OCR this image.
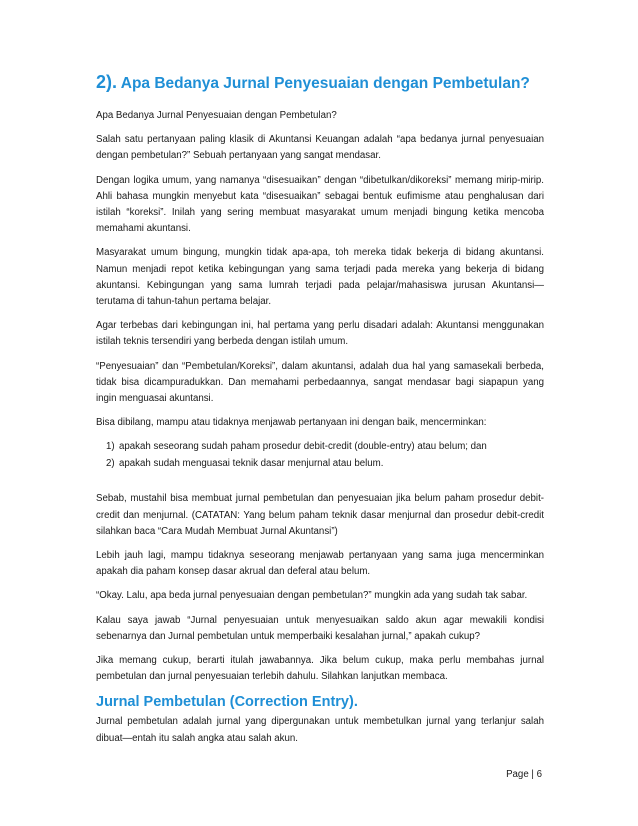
2). Apa Bedanya Jurnal Penyesuaian dengan Pembetulan?

Apa Bedanya Jurnal Penyesuaian dengan Pembetulan?

Salah satu pertanyaan paling klasik di Akuntansi Keuangan adalah “apa bedanya jurnal penyesuaian dengan pembetulan?” Sebuah pertanyaan yang sangat mendasar.

Dengan logika umum, yang namanya “disesuaikan” dengan “dibetulkan/dikoreksi” memang mirip-mirip. Ahli bahasa mungkin menyebut kata “disesuaikan” sebagai bentuk eufimisme atau penghalusan dari istilah “koreksi”. Inilah yang sering membuat masyarakat umum menjadi bingung ketika mencoba memahami akuntansi.

Masyarakat umum bingung, mungkin tidak apa-apa, toh mereka tidak bekerja di bidang akuntansi. Namun menjadi repot ketika kebingungan yang sama terjadi pada mereka yang bekerja di bidang akuntansi. Kebingungan yang sama lumrah terjadi pada pelajar/mahasiswa jurusan Akuntansi—terutama di tahun-tahun pertama belajar.

Agar terbebas dari kebingungan ini, hal pertama yang perlu disadari adalah: Akuntansi menggunakan istilah teknis tersendiri yang berbeda dengan istilah umum.

“Penyesuaian” dan “Pembetulan/Koreksi”, dalam akuntansi, adalah dua hal yang samasekali berbeda, tidak bisa dicampuradukkan. Dan memahami perbedaannya, sangat mendasar bagi siapapun yang ingin menguasai akuntansi.

Bisa dibilang, mampu atau tidaknya menjawab pertanyaan ini dengan baik, mencerminkan:

1) apakah seseorang sudah paham prosedur debit-credit (double-entry) atau belum; dan
2) apakah sudah menguasai teknik dasar menjurnal atau belum.

Sebab, mustahil bisa membuat jurnal pembetulan dan penyesuaian jika belum paham prosedur debit-credit dan menjurnal. (CATATAN: Yang belum paham teknik dasar menjurnal dan prosedur debit-credit silahkan baca “Cara Mudah Membuat Jurnal Akuntansi”)

Lebih jauh lagi, mampu tidaknya seseorang menjawab pertanyaan yang sama juga mencerminkan apakah dia paham konsep dasar akrual dan deferal atau belum.

“Okay. Lalu, apa beda jurnal penyesuaian dengan pembetulan?” mungkin ada yang sudah tak sabar.

Kalau saya jawab “Jurnal penyesuaian untuk menyesuaikan saldo akun agar mewakili kondisi sebenarnya dan Jurnal pembetulan untuk memperbaiki kesalahan jurnal,” apakah cukup?

Jika memang cukup, berarti itulah jawabannya. Jika belum cukup, maka perlu membahas jurnal pembetulan dan jurnal penyesuaian terlebih dahulu. Silahkan lanjutkan membaca.

Jurnal Pembetulan (Correction Entry).

Jurnal pembetulan adalah jurnal yang dipergunakan untuk membetulkan jurnal yang terlanjur salah dibuat—entah itu salah angka atau salah akun.

Page | 6
